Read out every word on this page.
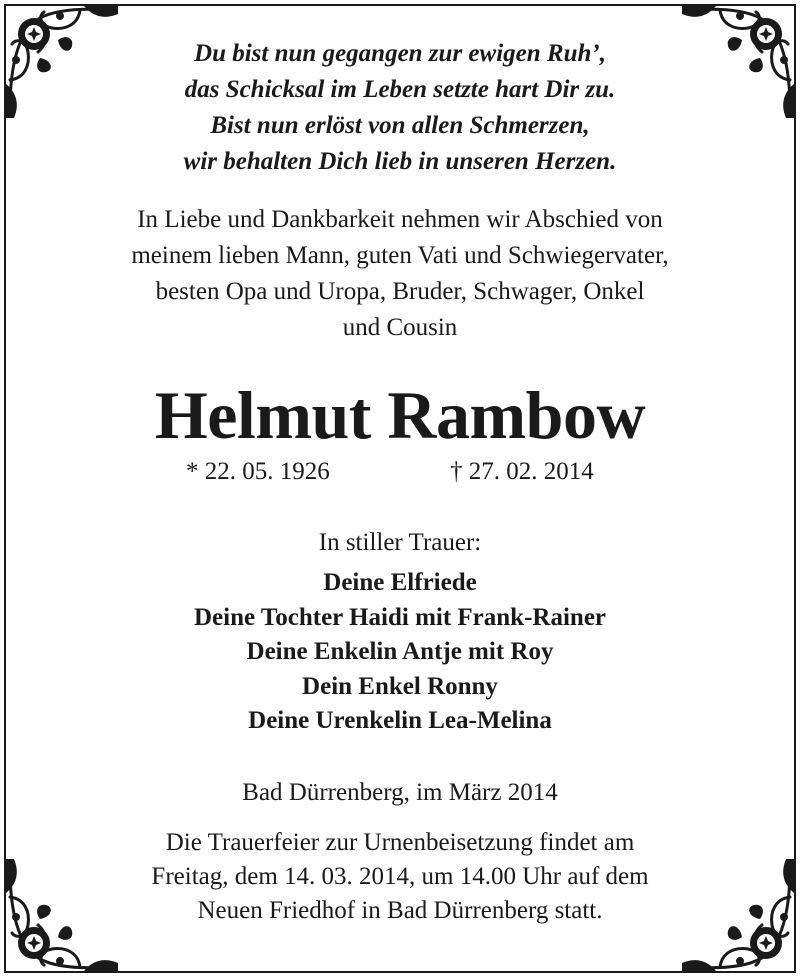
Du bist nun gegangen zur ewigen Ruh’,
das Schicksal im Leben setzte hart Dir zu.
Bist nun erlöst von allen Schmerzen,
wir behalten Dich lieb in unseren Herzen.
In Liebe und Dankbarkeit nehmen wir Abschied von
meinem lieben Mann, guten Vati und Schwiegervater,
besten Opa und Uropa, Bruder, Schwager, Onkel
und Cousin
Helmut Rambow
* 22. 05. 1926	† 27. 02. 2014
In stiller Trauer:
Deine Elfriede
Deine Tochter Haidi mit Frank-Rainer
Deine Enkelin Antje mit Roy
Dein Enkel Ronny
Deine Urenkelin Lea-Melina
Bad Dürrenberg, im März 2014
Die Trauerfeier zur Urnenbeisetzung findet am
Freitag, dem 14. 03. 2014, um 14.00 Uhr auf dem
Neuen Friedhof in Bad Dürrenberg statt.
